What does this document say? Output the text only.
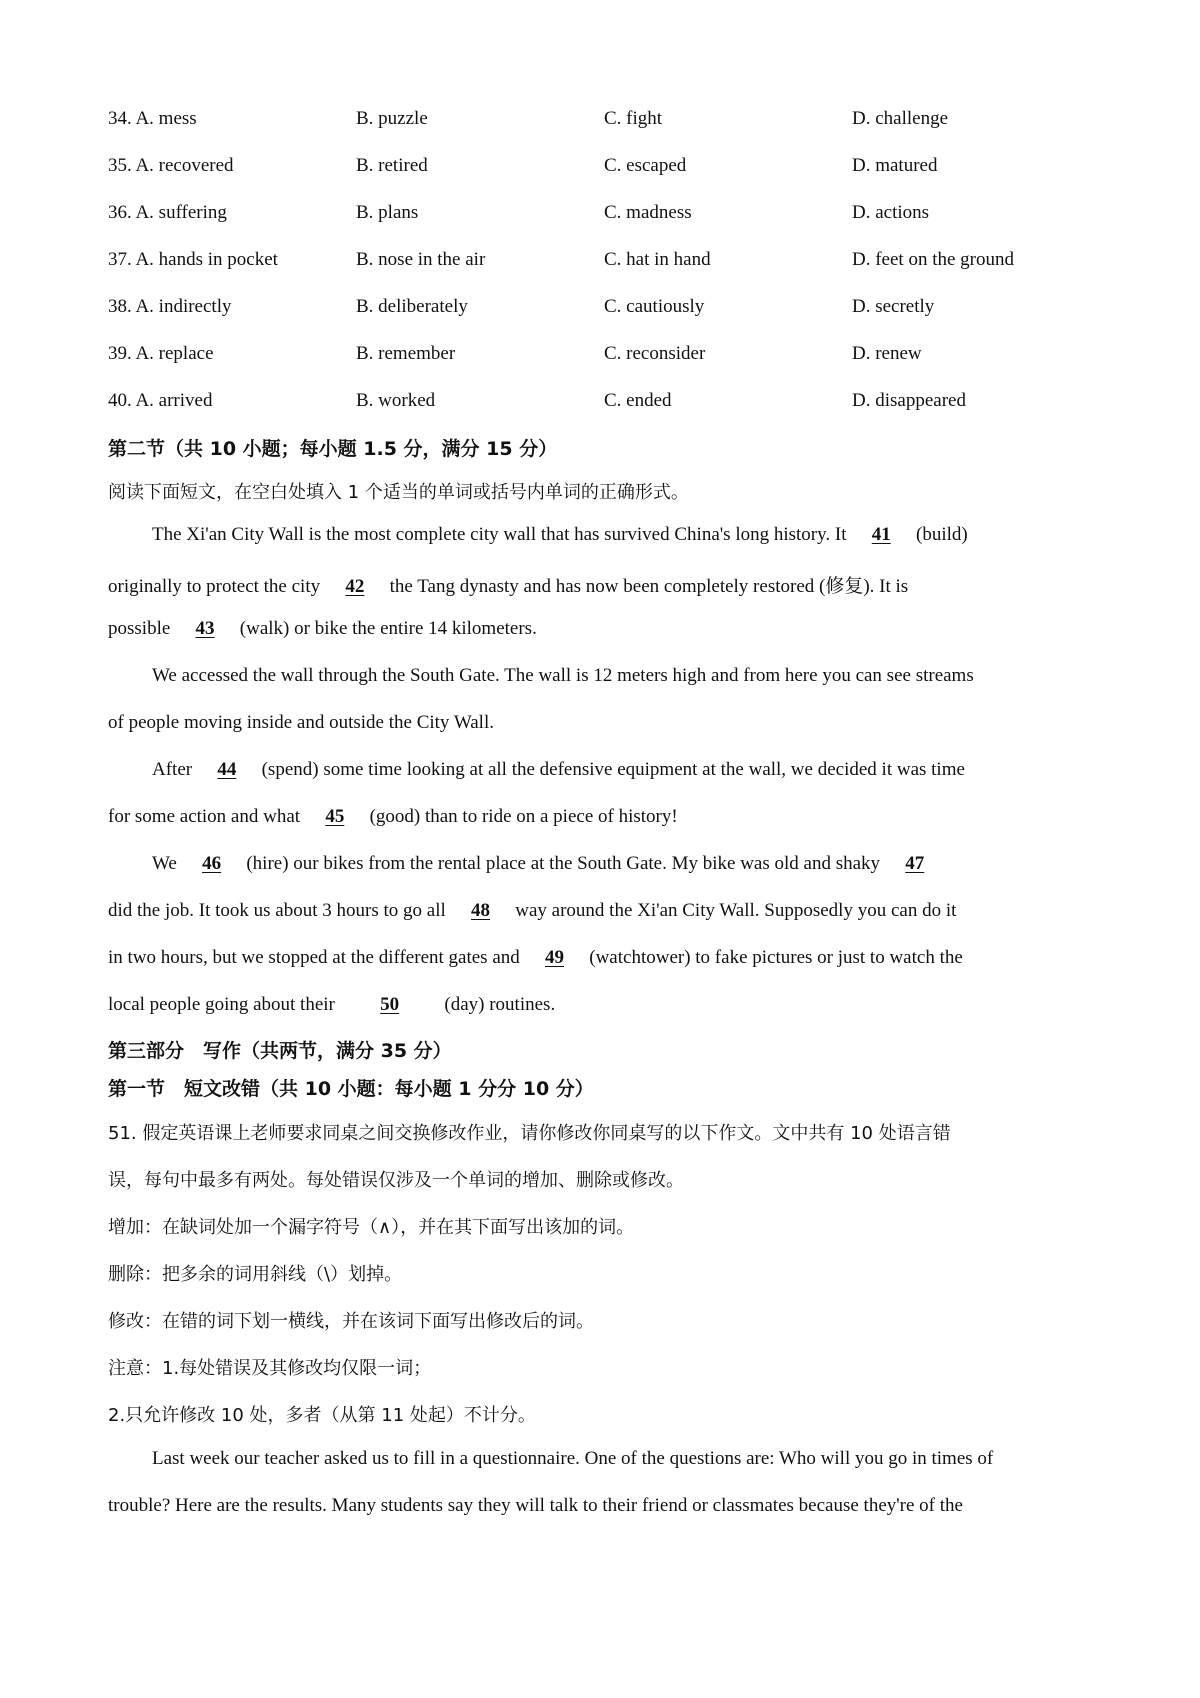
34. A. mess	B. puzzle	C. fight	D. challenge
35. A. recovered	B. retired	C. escaped	D. matured
36. A. suffering	B. plans	C. madness	D. actions
37. A. hands in pocket	B. nose in the air	C. hat in hand	D. feet on the ground
38. A. indirectly	B. deliberately	C. cautiously	D. secretly
39. A. replace	B. remember	C. reconsider	D. renew
40. A. arrived	B. worked	C. ended	D. disappeared
第二节（共 10 小题；每小题 1.5 分，满分 15 分）
阅读下面短文，在空白处填入 1 个适当的单词或括号内单词的正确形式。
The Xi'an City Wall is the most complete city wall that has survived China's long history. It 41 (build)
originally to protect the city 42 the Tang dynasty and has now been completely restored (修复). It is
possible 43 (walk) or bike the entire 14 kilometers.
We accessed the wall through the South Gate. The wall is 12 meters high and from here you can see streams
of people moving inside and outside the City Wall.
After 44 (spend) some time looking at all the defensive equipment at the wall, we decided it was time
for some action and what 45 (good) than to ride on a piece of history!
We 46 (hire) our bikes from the rental place at the South Gate. My bike was old and shaky 47
did the job. It took us about 3 hours to go all 48 way around the Xi'an City Wall. Supposedly you can do it
in two hours, but we stopped at the different gates and 49 (watchtower) to fake pictures or just to watch the
local people going about their 50 (day) routines.
第三部分　写作（共两节，满分 35 分）
第一节　短文改错（共 10 小题：每小题 1 分分 10 分）
51. 假定英语课上老师要求同桌之间交换修改作业，请你修改你同桌写的以下作文。文中共有 10 处语言错
误，每句中最多有两处。每处错误仅涉及一个单词的增加、删除或修改。
增加：在缺词处加一个漏字符号（∧），并在其下面写出该加的词。
删除：把多余的词用斜线（\）划掉。
修改：在错的词下划一横线，并在该词下面写出修改后的词。
注意：1.每处错误及其修改均仅限一词；
2.只允许修改 10 处，多者（从第 11 处起）不计分。
Last week our teacher asked us to fill in a questionnaire. One of the questions are: Who will you go in times of
trouble? Here are the results. Many students say they will talk to their friend or classmates because they're of the
